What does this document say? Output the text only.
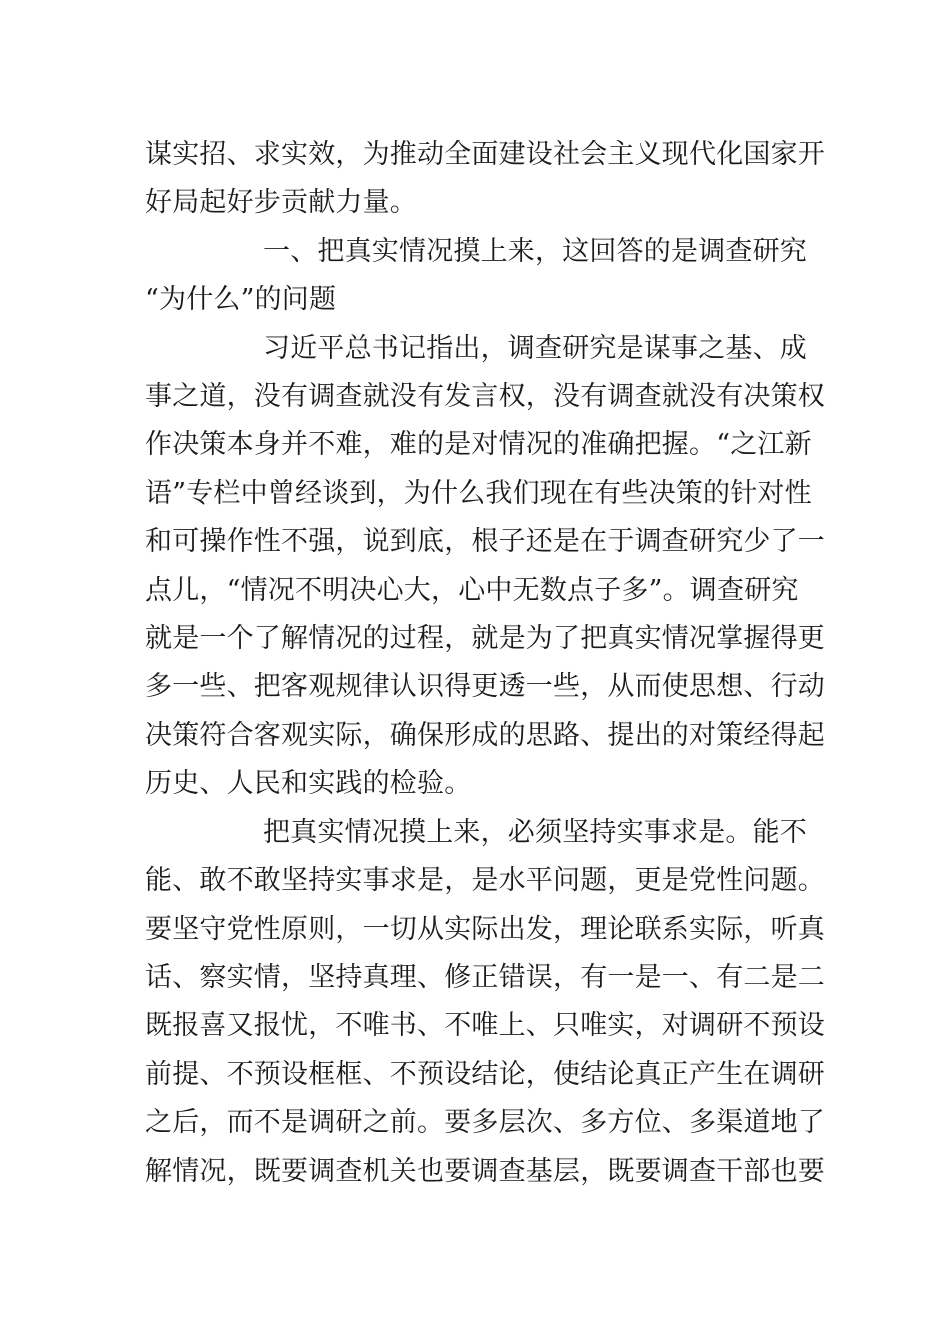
谋实招、求实效，为推动全面建设社会主义现代化国家开
好局起好步贡献力量。

一、把真实情况摸上来，这回答的是调查研究
“为什么”的问题

习近平总书记指出，调查研究是谋事之基、成
事之道，没有调查就没有发言权，没有调查就没有决策权
作决策本身并不难，难的是对情况的准确把握。“之江新
语”专栏中曾经谈到，为什么我们现在有些决策的针对性
和可操作性不强，说到底，根子还是在于调查研究少了一
点儿，“情况不明决心大，心中无数点子多”。调查研究
就是一个了解情况的过程，就是为了把真实情况掌握得更
多一些、把客观规律认识得更透一些，从而使思想、行动
决策符合客观实际，确保形成的思路、提出的对策经得起
历史、人民和实践的检验。

把真实情况摸上来，必须坚持实事求是。能不
能、敢不敢坚持实事求是，是水平问题，更是党性问题。
要坚守党性原则，一切从实际出发，理论联系实际，听真
话、察实情，坚持真理、修正错误，有一是一、有二是二
既报喜又报忧，不唯书、不唯上、只唯实，对调研不预设
前提、不预设框框、不预设结论，使结论真正产生在调研
之后，而不是调研之前。要多层次、多方位、多渠道地了
解情况，既要调查机关也要调查基层，既要调查干部也要
